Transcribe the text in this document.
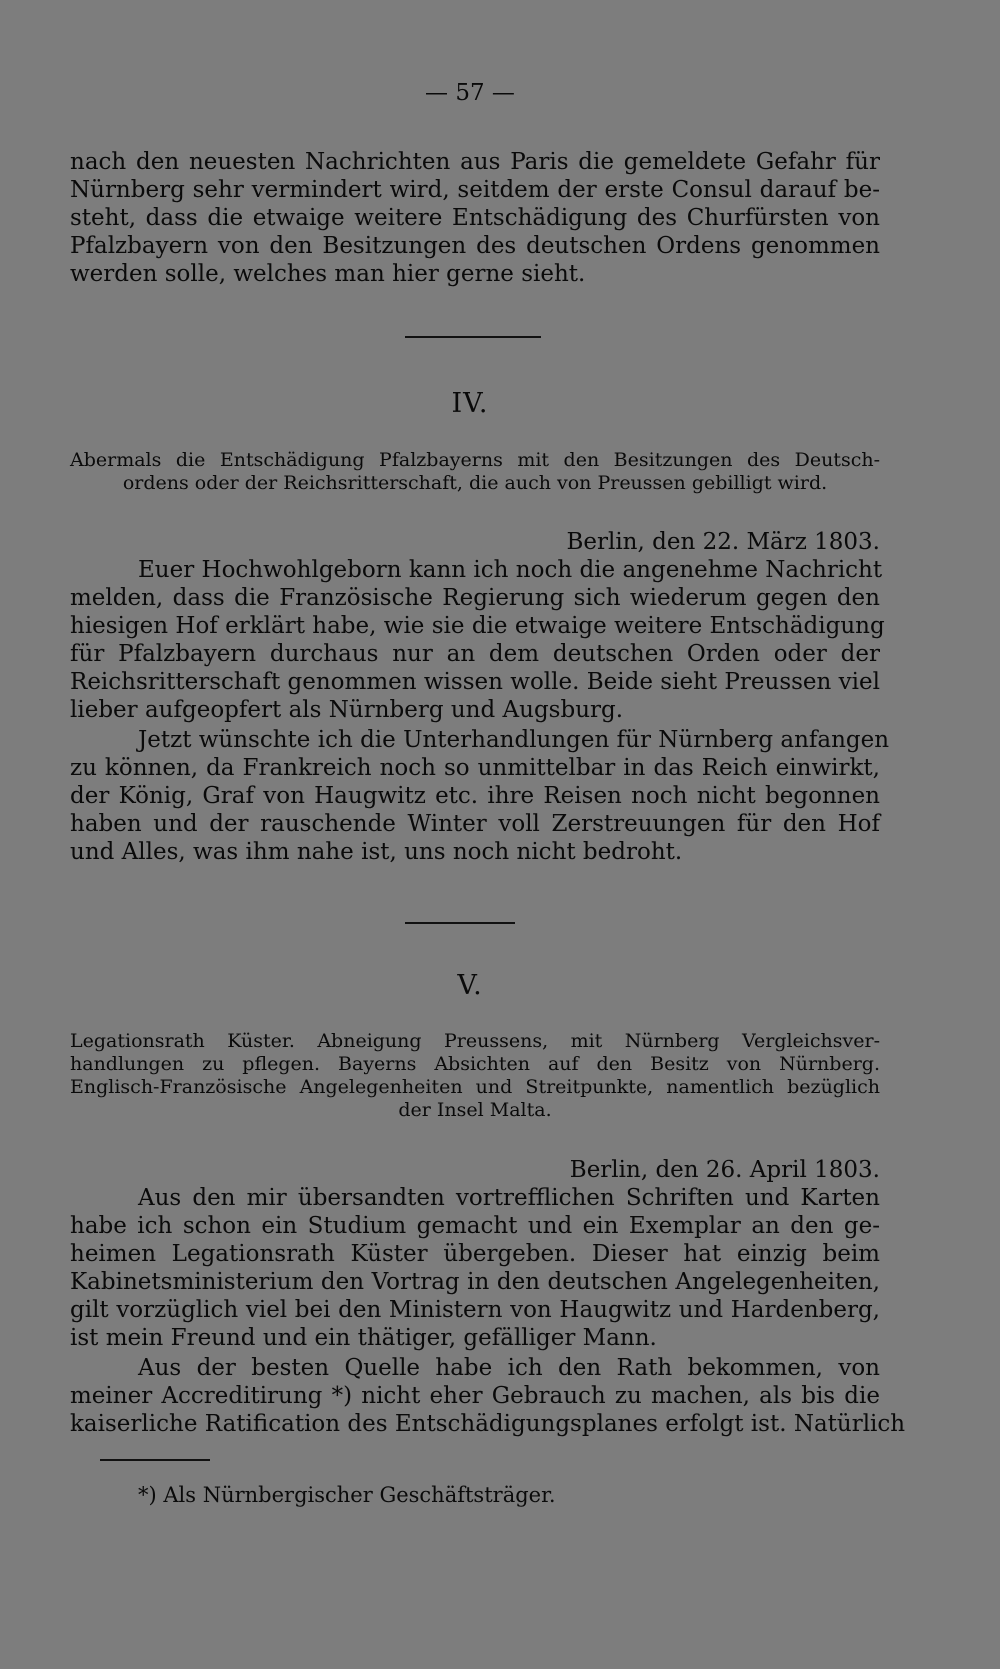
— 57 —
nach den neuesten Nachrichten aus Paris die gemeldete Gefahr für
Nürnberg sehr vermindert wird, seitdem der erste Consul darauf be-
steht, dass die etwaige weitere Entschädigung des Churfürsten von
Pfalzbayern von den Besitzungen des deutschen Ordens genommen
werden solle, welches man hier gerne sieht.
IV.
Abermals die Entschädigung Pfalzbayerns mit den Besitzungen des Deutsch-
ordens oder der Reichsritterschaft, die auch von Preussen gebilligt wird.
Berlin, den 22. März 1803.
Euer Hochwohlgeborn kann ich noch die angenehme Nachricht
melden, dass die Französische Regierung sich wiederum gegen den
hiesigen Hof erklärt habe, wie sie die etwaige weitere Entschädigung
für Pfalzbayern durchaus nur an dem deutschen Orden oder der
Reichsritterschaft genommen wissen wolle. Beide sieht Preussen viel
lieber aufgeopfert als Nürnberg und Augsburg.
Jetzt wünschte ich die Unterhandlungen für Nürnberg anfangen
zu können, da Frankreich noch so unmittelbar in das Reich einwirkt,
der König, Graf von Haugwitz etc. ihre Reisen noch nicht begonnen
haben und der rauschende Winter voll Zerstreuungen für den Hof
und Alles, was ihm nahe ist, uns noch nicht bedroht.
V.
Legationsrath Küster. Abneigung Preussens, mit Nürnberg Vergleichsver-
handlungen zu pflegen. Bayerns Absichten auf den Besitz von Nürnberg.
Englisch-Französische Angelegenheiten und Streitpunkte, namentlich bezüglich
der Insel Malta.
Berlin, den 26. April 1803.
Aus den mir übersandten vortrefflichen Schriften und Karten
habe ich schon ein Studium gemacht und ein Exemplar an den ge-
heimen Legationsrath Küster übergeben. Dieser hat einzig beim
Kabinetsministerium den Vortrag in den deutschen Angelegenheiten,
gilt vorzüglich viel bei den Ministern von Haugwitz und Hardenberg,
ist mein Freund und ein thätiger, gefälliger Mann.
Aus der besten Quelle habe ich den Rath bekommen, von
meiner Accreditirung *) nicht eher Gebrauch zu machen, als bis die
kaiserliche Ratification des Entschädigungsplanes erfolgt ist. Natürlich
*) Als Nürnbergischer Geschäftsträger.
